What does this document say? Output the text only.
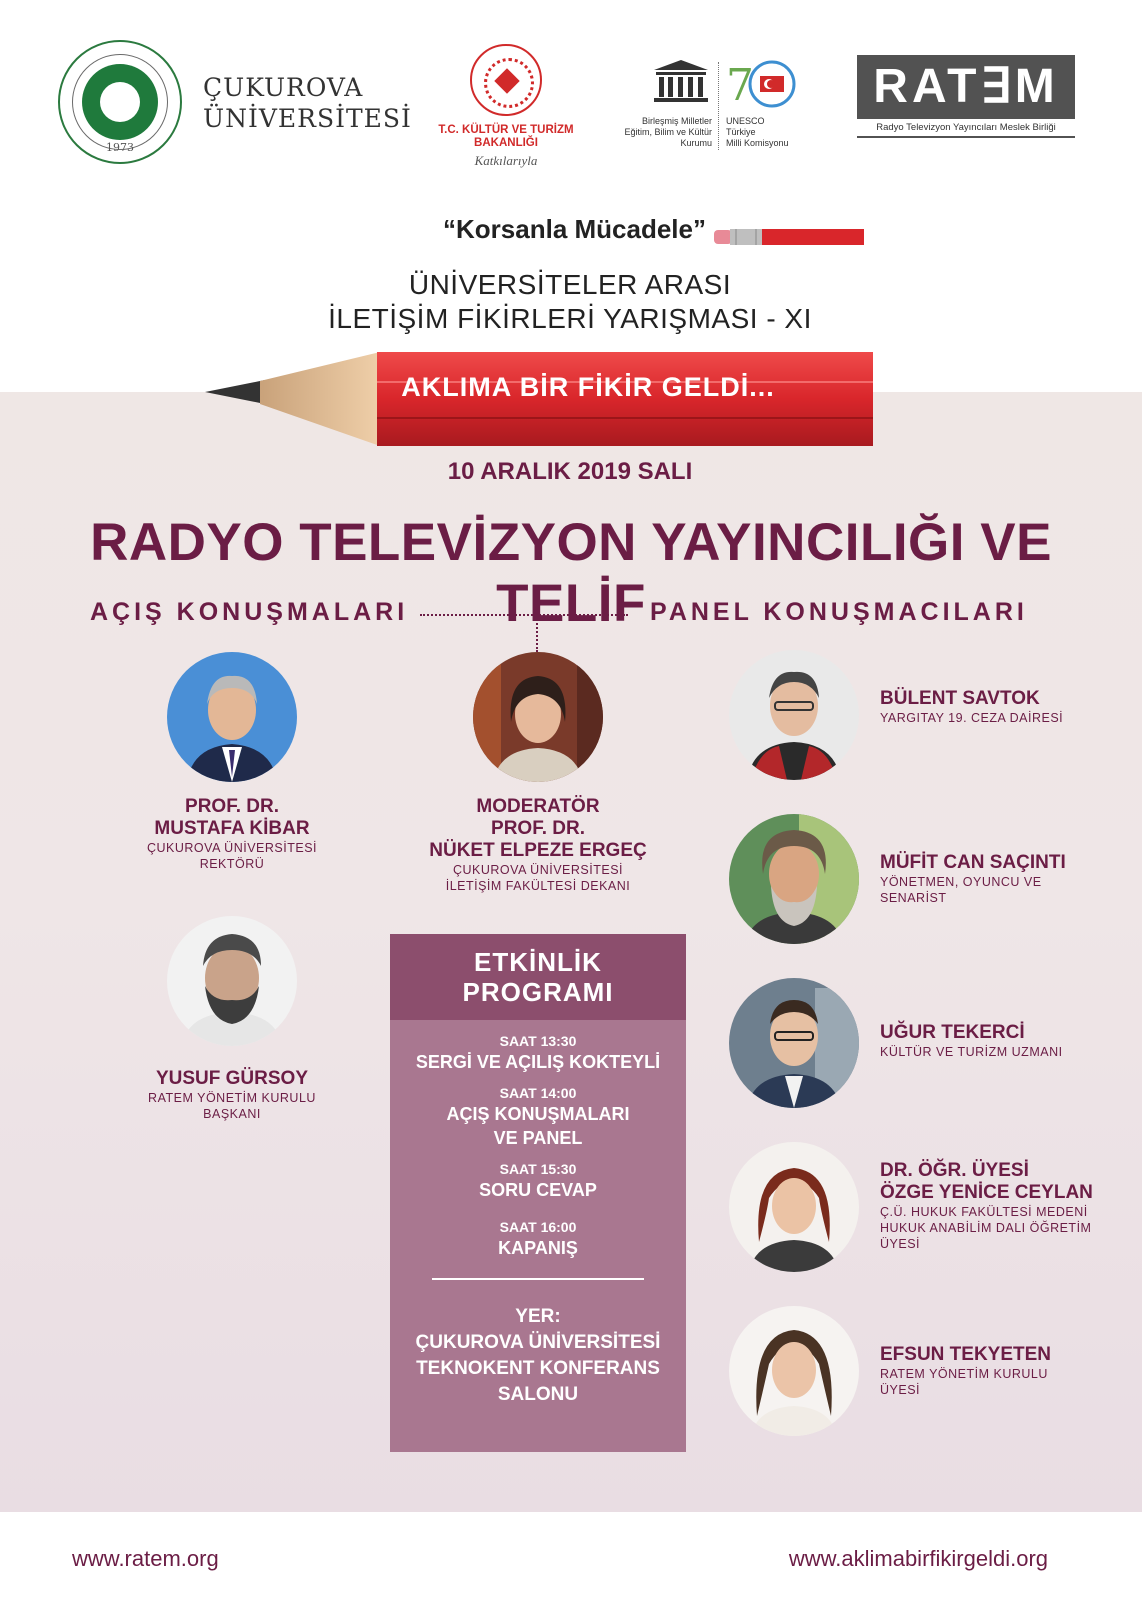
1973
ÇUKUROVA
ÜNİVERSİTESİ	T.C. KÜLTÜR VE TURİZM
BAKANLIĞI
Katkılarıyla
Birleşmiş Milletler
Eğitim, Bilim ve Kültür
Kurumu
7
UNESCO
Türkiye
Milli Komisyonu
RAT∃M
Radyo Televizyon Yayıncıları Meslek Birliği
“Korsanla Mücadele”
ÜNİVERSİTELER ARASI
İLETİŞİM FİKİRLERİ YARIŞMASI - XI
AKLIMA BİR FİKİR GELDİ...
10 ARALIK 2019 SALI
RADYO TELEVİZYON YAYINCILIĞI VE TELİF
AÇIŞ KONUŞMALARI	PANEL KONUŞMACILARI
PROF. DR.
MUSTAFA KİBAR
ÇUKUROVA ÜNİVERSİTESİ
REKTÖRÜ
YUSUF GÜRSOY
RATEM YÖNETİM KURULU
BAŞKANI
MODERATÖR
PROF. DR.
NÜKET ELPEZE ERGEÇ
ÇUKUROVA ÜNİVERSİTESİ
İLETİŞİM FAKÜLTESİ DEKANI
BÜLENT SAVTOK
YARGITAY 19. CEZA DAİRESİ
MÜFİT CAN SAÇINTI
YÖNETMEN, OYUNCU VE
SENARİST
UĞUR TEKERCİ
KÜLTÜR VE TURİZM UZMANI
DR. ÖĞR. ÜYESİ
ÖZGE YENİCE CEYLAN
Ç.Ü. HUKUK FAKÜLTESİ MEDENİ
HUKUK ANABİLİM DALI ÖĞRETİM
ÜYESİ
EFSUN TEKYETEN
RATEM YÖNETİM KURULU
ÜYESİ
ETKİNLİK
PROGRAMI
SAAT 13:30
SERGİ VE AÇILIŞ KOKTEYLİ
SAAT 14:00
AÇIŞ KONUŞMALARI
VE PANEL
SAAT 15:30
SORU CEVAP
SAAT 16:00
KAPANIŞ
YER:
ÇUKUROVA ÜNİVERSİTESİ
TEKNOKENT KONFERANS
SALONU
www.ratem.org	www.aklimabirfikirgeldi.org
